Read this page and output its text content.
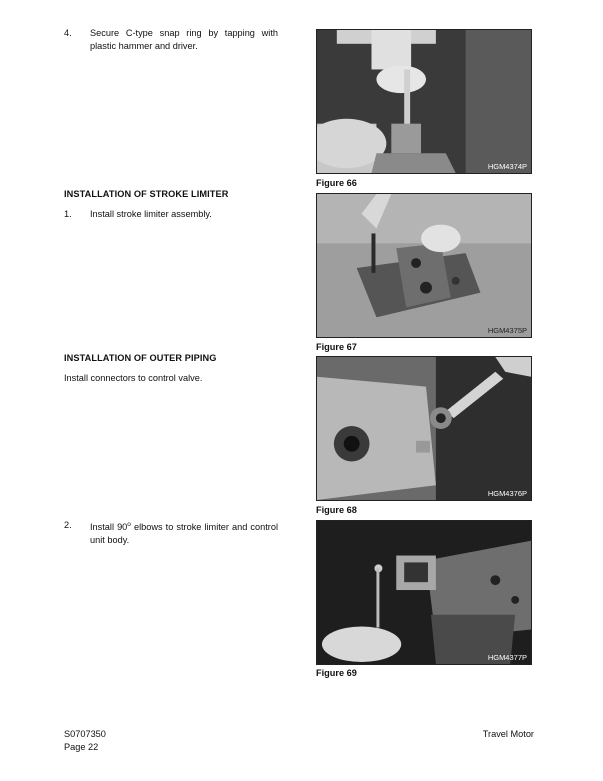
4. Secure C-type snap ring by tapping with plastic hammer and driver.
INSTALLATION OF STROKE LIMITER
1. Install stroke limiter assembly.
INSTALLATION OF OUTER PIPING
Install connectors to control valve.
2. Install 90$^o$ elbows to stroke limiter and control unit body.
HGM4374P
Figure 66
HGM4375P
Figure 67
HGM4376P
Figure 68
HGM4377P
Figure 69
S0707350
Page 22
Travel Motor
